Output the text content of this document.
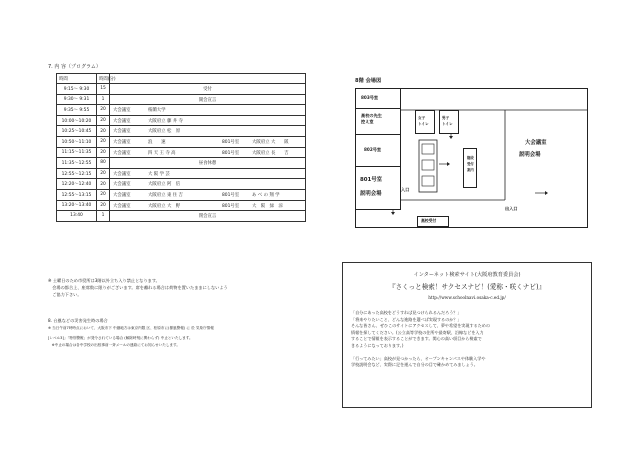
7. 内 容（プログラム）
時間	時間(分)	
9:15〜 9:30	15	受付

9:30〜 9:31	1	開会宣言

9:35〜 9:55	20	大会議室 桜蘭大学

10:00〜10:20	20	大会議室 大阪府立 藤 井 寺

10:25〜10:45	20	大会議室 大阪府立 松　原

10:50〜11:10	20	大会議室 浪　　速 801号室 大阪府立 大　　阪

11:15〜11:35	20	大会議室 四 天 王 寺 高 801号室 大阪府立 長　　吉

11:35〜12:55	80	昼食休憩

12:55〜12:15	20	大会議室 大 阪 学 芸

12:20〜12:40	20	大会議室 大阪府立 阿　倍

12:55〜13:15	20	大会議室 大阪府立 東 住 吉 801号室 あ べ の 翔 学

13:20〜13:40	20	大会議室 大阪府立 大　野 801号室 大　阪　緑　涼

13:40	1	閉会宣言
※ 土曜日のため市役所は3階以外立ち入り禁止となります。
　会場の都合上、座席数に限りがございます。席を離れる場合は荷物を置いたままにしないよう
　ご協力下さい。
8. 台風などの災害発生時の場合
※ 当日午前7時時点において、大阪市下 中継地方は東京内限 区、松原市に(暴風警報) に 於 気象庁情報
[レベル3]」「特別警報」が発令されている場合 (解除時刻に関わらず) 中止といたします。
　※中止の場合は各中学校の出校事前一斉メールの連絡にてお知らせいたします。
8階 会場図
803号室
高校の先生
控え室
802号室
801号室
説明会場
女子
トイレ
男子
トイレ
階段
受付
案内
大会議室
説明会場
入口
出入口
高校受付
インターネット検索サイト(大阪府教育委員会)
『さくっと検索！サクセスナビ！(愛称・咲くナビ)』
http://www.schoolnavi.osaka-c.ed.jp/
「自分にあった高校をどうすれば見つけられるんだろう？」
「将来やりたいこと、どんな進路を選べば実現するのか？」
そんな皆さん、ぜひこのサイトにアクセスして、夢や希望を実現するための
情報を探してください。(公立高等学校の住所や最寄駅、沿線などを入力
することで情報を表示することができます。関心の高い項目から検索で
きるようになっております。)
「行ってみたい」高校が見つかったら、オープンキャンパスや体験入学や
学校説明会など、実際に足を運んで自分の目で確かめてみましょう。
